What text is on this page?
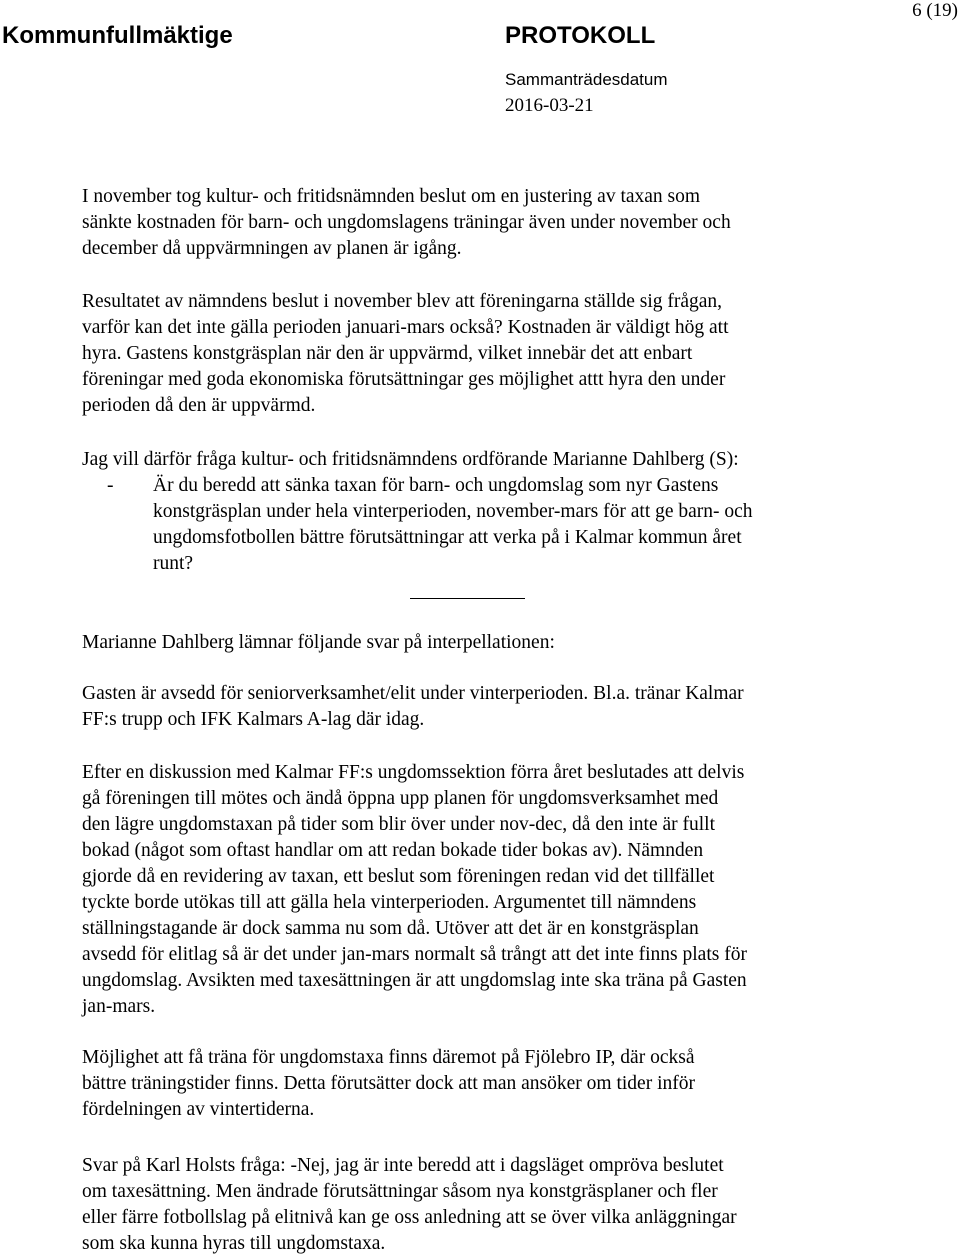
Kommunfullmäktige	PROTOKOLL
Sammanträdesdatum
2016-03-21
6 (19)
I november tog kultur- och fritidsnämnden beslut om en justering av taxan som
sänkte kostnaden för barn- och ungdomslagens träningar även under november och
december då uppvärmningen av planen är igång.
Resultatet av nämndens beslut i november blev att föreningarna ställde sig frågan,
varför kan det inte gälla perioden januari-mars också? Kostnaden är väldigt hög att
hyra. Gastens konstgräsplan när den är uppvärmd, vilket innebär det att enbart
föreningar med goda ekonomiska förutsättningar ges möjlighet attt hyra den under
perioden då den är uppvärmd.
Jag vill därför fråga kultur- och fritidsnämndens ordförande Marianne Dahlberg (S):
- Är du beredd att sänka taxan för barn- och ungdomslag som nyr Gastens
konstgräsplan under hela vinterperioden, november-mars för att ge barn- och
ungdomsfotbollen bättre förutsättningar att verka på i Kalmar kommun året
runt?
Marianne Dahlberg lämnar följande svar på interpellationen:
Gasten är avsedd för seniorverksamhet/elit under vinterperioden. Bl.a. tränar Kalmar
FF:s trupp och IFK Kalmars A-lag där idag.
Efter en diskussion med Kalmar FF:s ungdomssektion förra året beslutades att delvis
gå föreningen till mötes och ändå öppna upp planen för ungdomsverksamhet med
den lägre ungdomstaxan på tider som blir över under nov-dec, då den inte är fullt
bokad (något som oftast handlar om att redan bokade tider bokas av). Nämnden
gjorde då en revidering av taxan, ett beslut som föreningen redan vid det tillfället
tyckte borde utökas till att gälla hela vinterperioden. Argumentet till nämndens
ställningstagande är dock samma nu som då. Utöver att det är en konstgräsplan
avsedd för elitlag så är det under jan-mars normalt så trångt att det inte finns plats för
ungdomslag. Avsikten med taxesättningen är att ungdomslag inte ska träna på Gasten
jan-mars.
Möjlighet att få träna för ungdomstaxa finns däremot på Fjölebro IP, där också
bättre träningstider finns. Detta förutsätter dock att man ansöker om tider inför
fördelningen av vintertiderna.
Svar på Karl Holsts fråga: -Nej, jag är inte beredd att i dagsläget ompröva beslutet
om taxesättning. Men ändrade förutsättningar såsom nya konstgräsplaner och fler
eller färre fotbollslag på elitnivå kan ge oss anledning att se över vilka anläggningar
som ska kunna hyras till ungdomstaxa.
